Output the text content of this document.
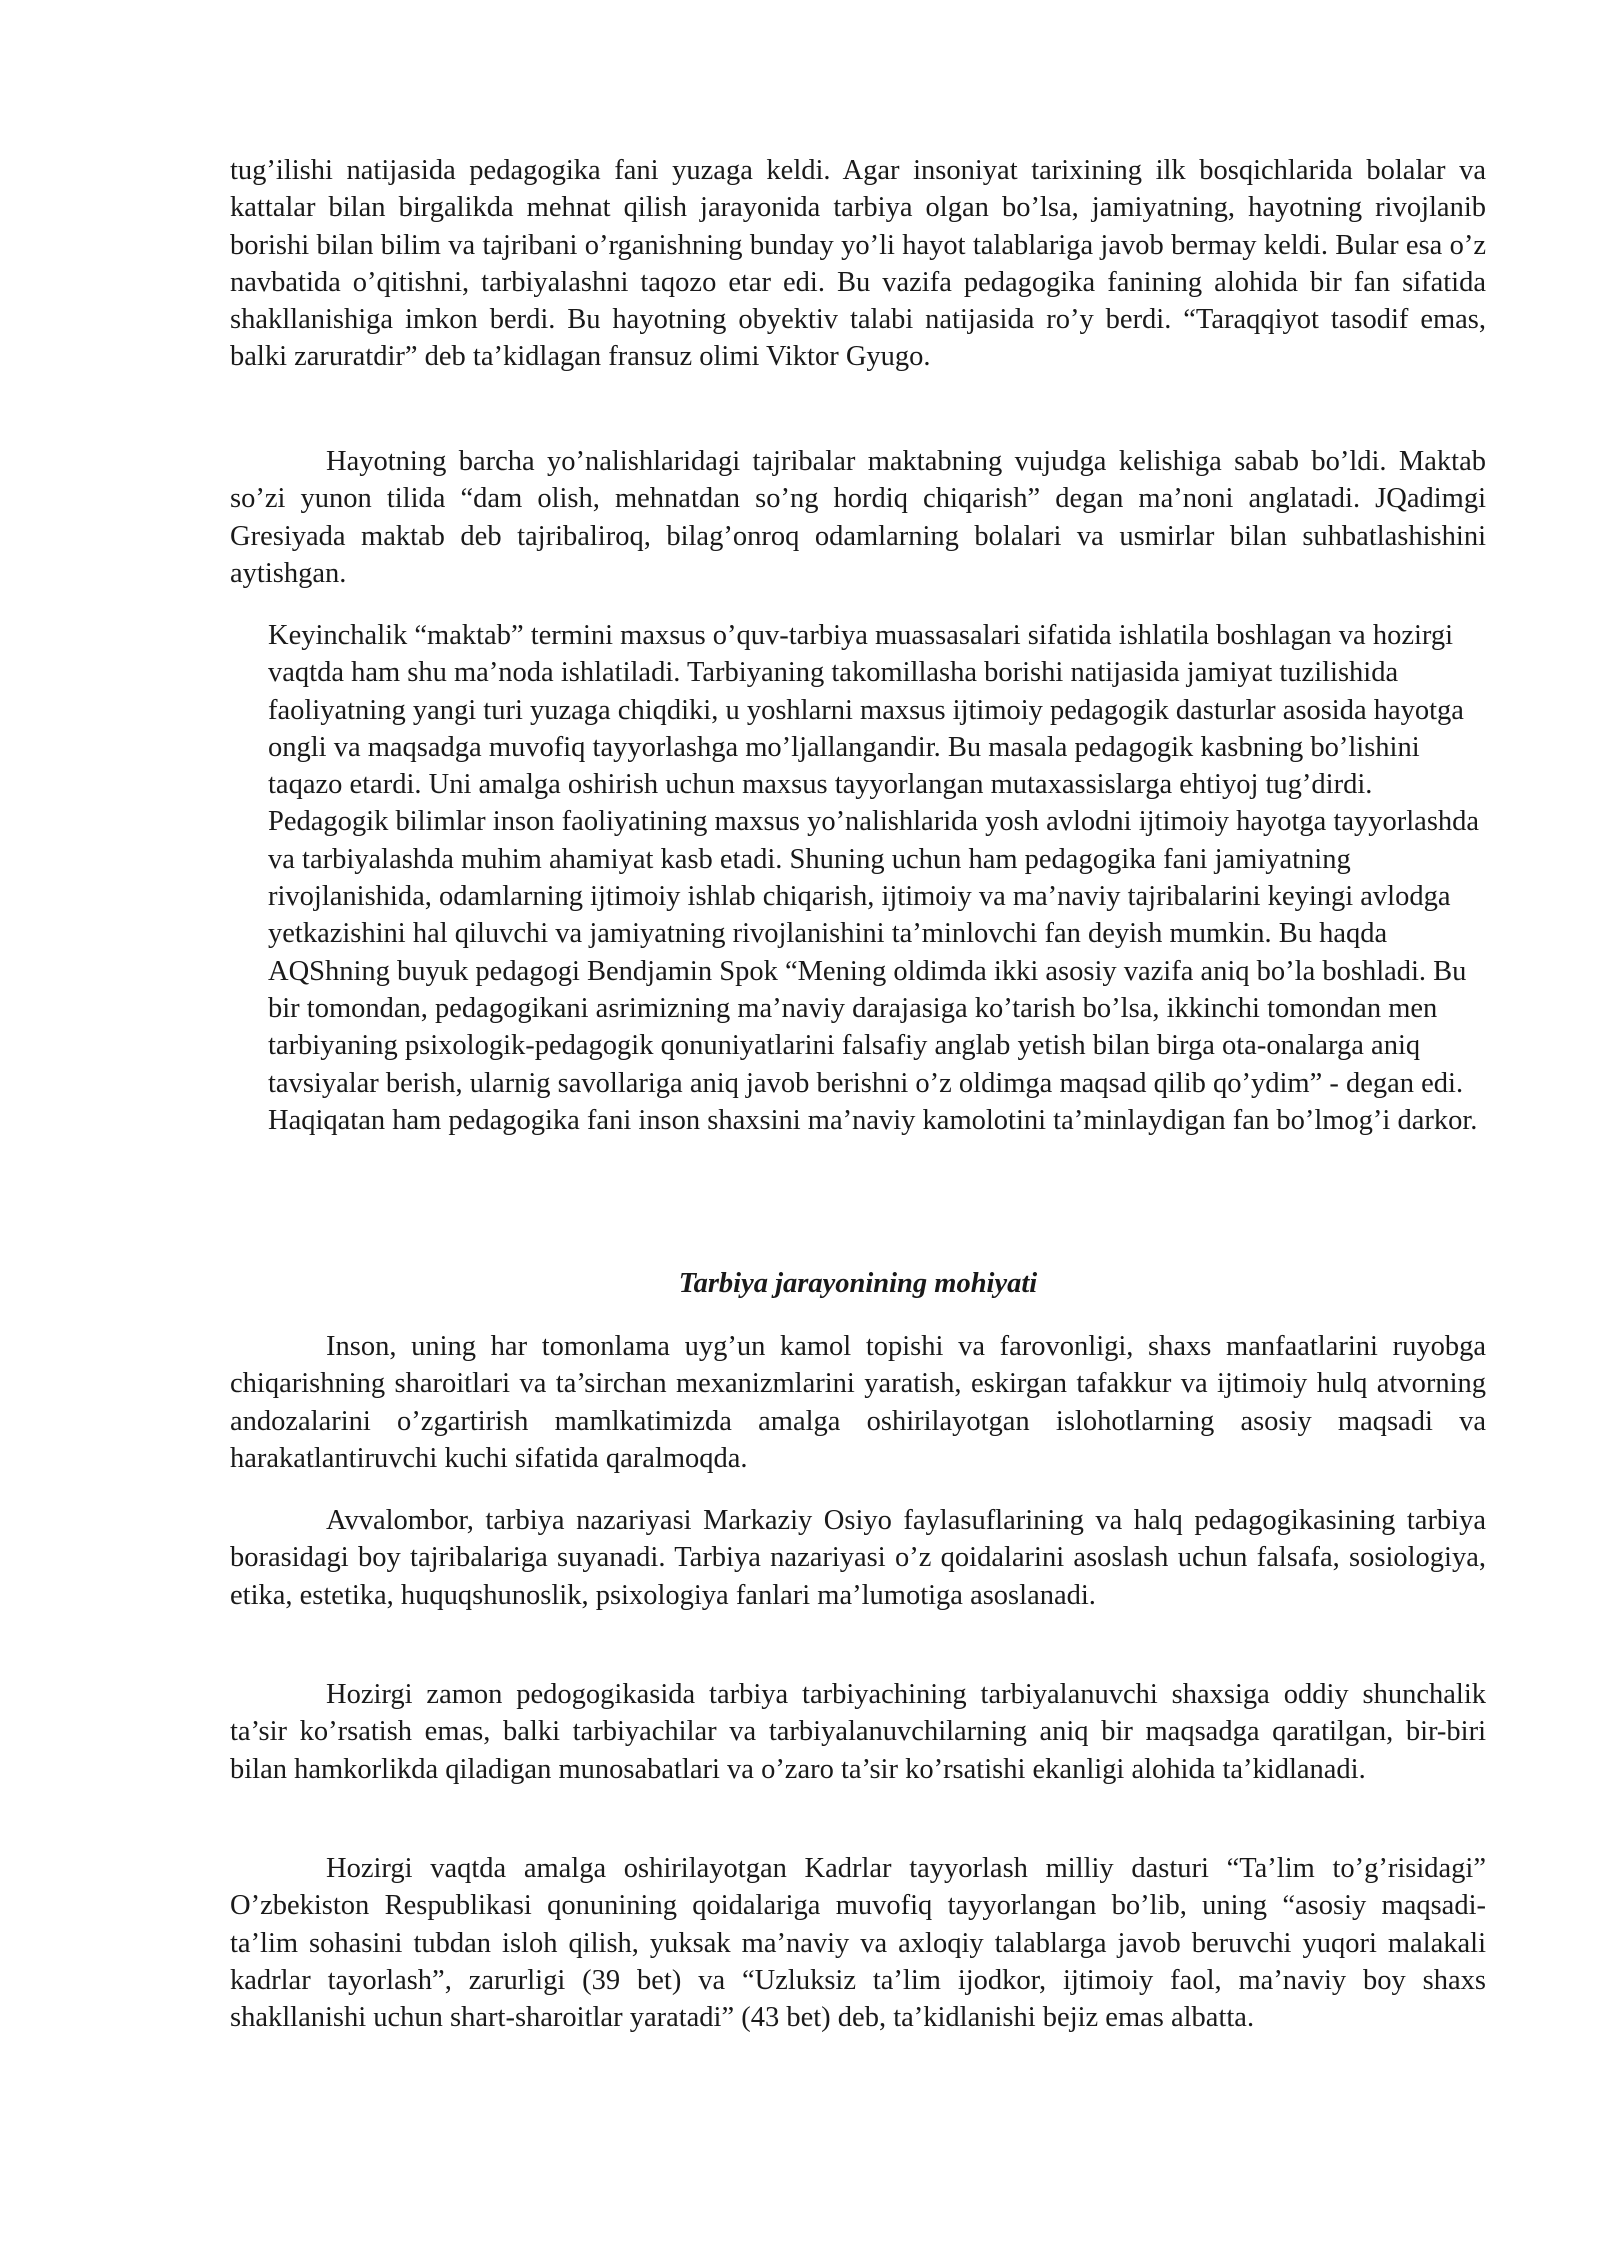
tug’ilishi natijasida pedagogika fani yuzaga keldi. Agar insoniyat tarixining ilk bosqichlarida bolalar va kattalar bilan birgalikda mehnat qilish jarayonida tarbiya olgan bo’lsa, jamiyatning, hayotning rivojlanib borishi bilan bilim va tajribani o’rganishning bunday yo’li hayot talablariga javob bermay keldi. Bular esa o’z navbatida o’qitishni, tarbiyalashni taqozo etar edi. Bu vazifa pedagogika fanining alohida bir fan sifatida shakllanishiga imkon berdi. Bu hayotning obyektiv talabi natijasida ro’y berdi. “Taraqqiyot tasodif emas, balki zaruratdir” deb ta’kidlagan fransuz olimi Viktor Gyugo.

Hayotning barcha yo’nalishlaridagi tajribalar maktabning vujudga kelishiga sabab bo’ldi. Maktab so’zi yunon tilida “dam olish, mehnatdan so’ng hordiq chiqarish” degan ma’noni anglatadi. JQadimgi Gresiyada maktab deb tajribaliroq, bilag’onroq odamlarning bolalari va usmirlar bilan suhbatlashishini aytishgan.

Keyinchalik “maktab” termini maxsus o’quv-tarbiya muassasalari sifatida ishlatila boshlagan va hozirgi vaqtda ham shu ma’noda ishlatiladi. Tarbiyaning takomillasha borishi natijasida jamiyat tuzilishida faoliyatning yangi turi yuzaga chiqdiki, u yoshlarni maxsus ijtimoiy pedagogik dasturlar asosida hayotga ongli va maqsadga muvofiq tayyorlashga mo’ljallangandir. Bu masala pedagogik kasbning bo’lishini taqazo etardi. Uni amalga oshirish uchun maxsus tayyorlangan mutaxassislarga ehtiyoj tug’dirdi. Pedagogik bilimlar inson faoliyatining maxsus yo’nalishlarida yosh avlodni ijtimoiy hayotga tayyorlashda va tarbiyalashda muhim ahamiyat kasb etadi. Shuning uchun ham pedagogika fani jamiyatning rivojlanishida, odamlarning ijtimoiy ishlab chiqarish, ijtimoiy va ma’naviy tajribalarini keyingi avlodga yetkazishini hal qiluvchi va jamiyatning rivojlanishini ta’minlovchi fan deyish mumkin. Bu haqda AQShning buyuk pedagogi Bendjamin Spok “Mening oldimda ikki asosiy vazifa aniq bo’la boshladi. Bu bir tomondan, pedagogikani asrimizning ma’naviy darajasiga ko’tarish bo’lsa, ikkinchi tomondan men tarbiyaning psixologik-pedagogik qonuniyatlarini falsafiy anglab yetish bilan birga ota-onalarga aniq tavsiyalar berish, ularnig savollariga aniq javob berishni o’z oldimga maqsad qilib qo’ydim” - degan edi. Haqiqatan ham pedagogika fani inson shaxsini ma’naviy kamolotini ta’minlaydigan fan bo’lmog’i darkor.

Tarbiya jarayonining mohiyati

Inson, uning har tomonlama uyg’un kamol topishi va farovonligi, shaxs manfaatlarini ruyobga chiqarishning sharoitlari va ta’sirchan mexanizmlarini yaratish, eskirgan tafakkur va ijtimoiy hulq atvorning andozalarini o’zgartirish mamlkatimizda amalga oshirilayotgan islohotlarning asosiy maqsadi va harakatlantiruvchi kuchi sifatida qaralmoqda.

Avvalombor, tarbiya nazariyasi Markaziy Osiyo faylasuflarining va halq pedagogikasining tarbiya borasidagi boy tajribalariga suyanadi. Tarbiya nazariyasi o’z qoidalarini asoslash uchun falsafa, sosiologiya, etika, estetika, huquqshunoslik, psixologiya fanlari ma’lumotiga asoslanadi.

Hozirgi zamon pedogogikasida tarbiya tarbiyachining tarbiyalanuvchi shaxsiga oddiy shunchalik ta’sir ko’rsatish emas, balki tarbiyachilar va tarbiyalanuvchilarning aniq bir maqsadga qaratilgan, bir-biri bilan hamkorlikda qiladigan munosabatlari va o’zaro ta’sir ko’rsatishi ekanligi alohida ta’kidlanadi.

Hozirgi vaqtda amalga oshirilayotgan Kadrlar tayyorlash milliy dasturi “Ta’lim to’g’risidagi” O’zbekiston Respublikasi qonunining qoidalariga muvofiq tayyorlangan bo’lib, uning “asosiy maqsadi- ta’lim sohasini tubdan isloh qilish, yuksak ma’naviy va axloqiy talablarga javob beruvchi yuqori malakali kadrlar tayorlash”, zarurligi (39 bet) va “Uzluksiz ta’lim ijodkor, ijtimoiy faol, ma’naviy boy shaxs shakllanishi uchun shart-sharoitlar yaratadi” (43 bet) deb, ta’kidlanishi bejiz emas albatta.
